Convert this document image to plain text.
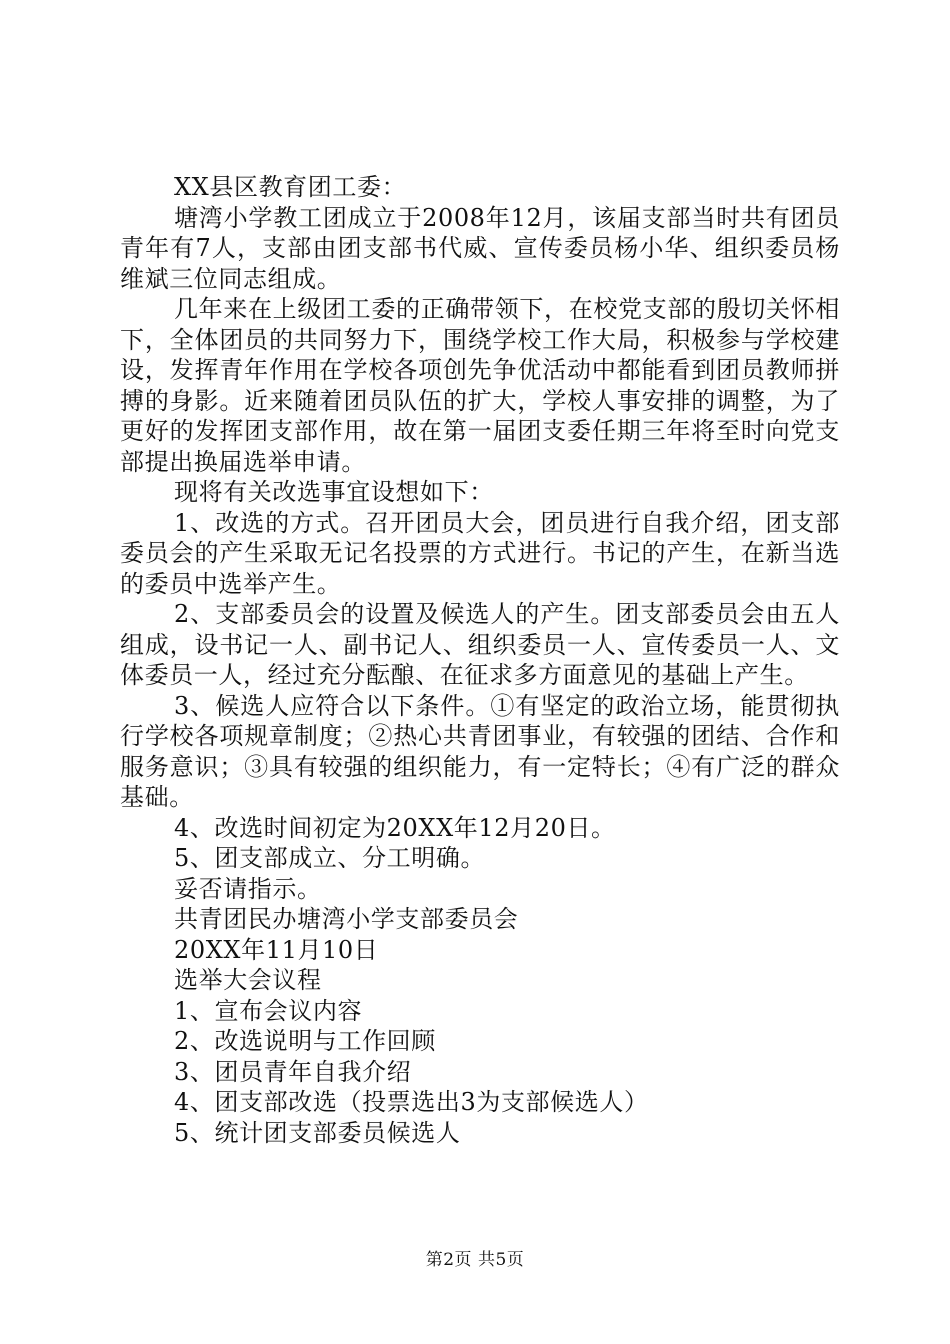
XX县区教育团工委：

塘湾小学教工团成立于2008年12月，该届支部当时共有团员青年有7人，支部由团支部书代威、宣传委员杨小华、组织委员杨维斌三位同志组成。

几年来在上级团工委的正确带领下，在校党支部的殷切关怀相下，全体团员的共同努力下，围绕学校工作大局，积极参与学校建设，发挥青年作用在学校各项创先争优活动中都能看到团员教师拼搏的身影。近来随着团员队伍的扩大，学校人事安排的调整，为了更好的发挥团支部作用，故在第一届团支委任期三年将至时向党支部提出换届选举申请。

现将有关改选事宜设想如下：

1、改选的方式。召开团员大会，团员进行自我介绍，团支部委员会的产生采取无记名投票的方式进行。书记的产生，在新当选的委员中选举产生。

2、支部委员会的设置及候选人的产生。团支部委员会由五人组成，设书记一人、副书记人、组织委员一人、宣传委员一人、文体委员一人，经过充分酝酿、在征求多方面意见的基础上产生。

3、候选人应符合以下条件。①有坚定的政治立场，能贯彻执行学校各项规章制度；②热心共青团事业，有较强的团结、合作和服务意识；③具有较强的组织能力，有一定特长；④有广泛的群众基础。

4、改选时间初定为20XX年12月20日。

5、团支部成立、分工明确。

妥否请指示。

共青团民办塘湾小学支部委员会

20XX年11月10日

选举大会议程

1、宣布会议内容

2、改选说明与工作回顾

3、团员青年自我介绍

4、团支部改选（投票选出3为支部候选人）

5、统计团支部委员候选人

第2页 共5页
